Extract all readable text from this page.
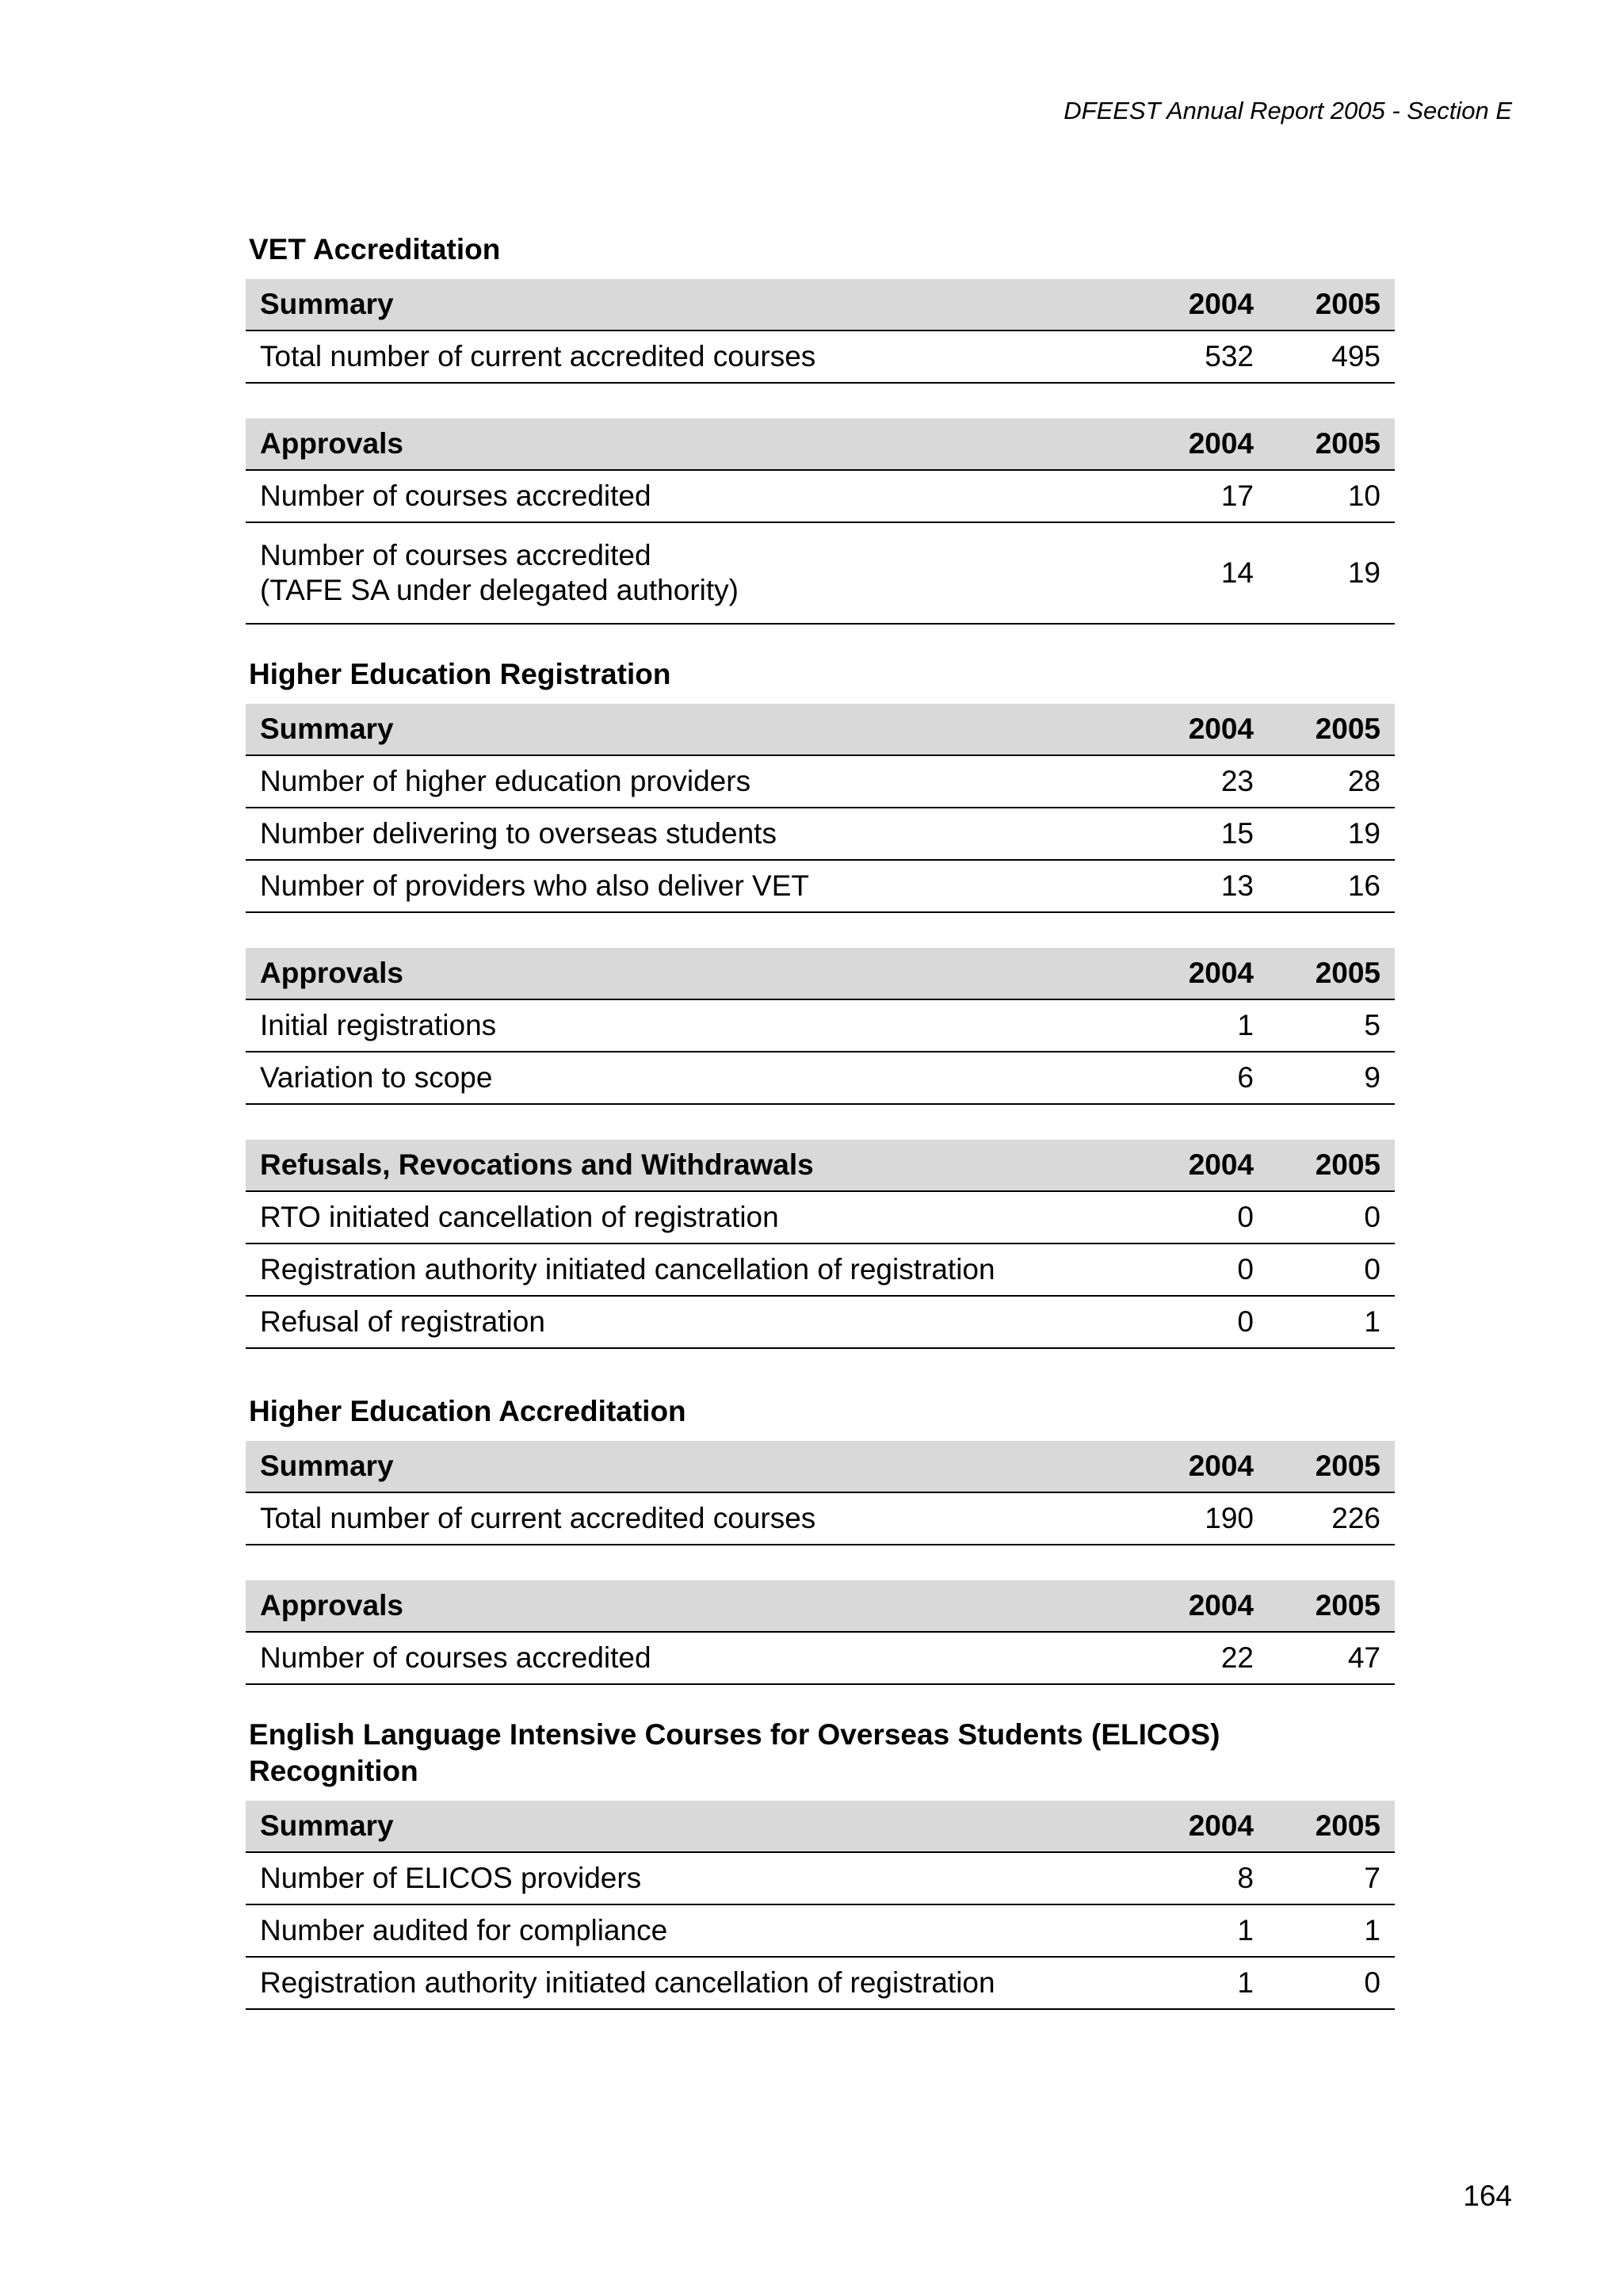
DFEEST Annual Report 2005 - Section E
VET Accreditation
Summary	2004	2005
Total number of current accredited courses	532	495
Approvals	2004	2005
Number of courses accredited	17	10

Number of courses accredited
(TAFE SA under delegated authority)	14	19
Higher Education Registration
Summary	2004	2005
Number of higher education providers	23	28
Number delivering to overseas students	15	19
Number of providers who also deliver VET	13	16
Approvals	2004	2005
Initial registrations	1	5
Variation to scope	6	9
Refusals, Revocations and Withdrawals	2004	2005
RTO initiated cancellation of registration	0	0
Registration authority initiated cancellation of registration	0	0
Refusal of registration	0	1
Higher Education Accreditation
Summary	2004	2005
Total number of current accredited courses	190	226
Approvals	2004	2005
Number of courses accredited	22	47
English Language Intensive Courses for Overseas Students (ELICOS) Recognition
Summary	2004	2005
Number of ELICOS providers	8	7
Number audited for compliance	1	1
Registration authority initiated cancellation of registration	1	0
164
